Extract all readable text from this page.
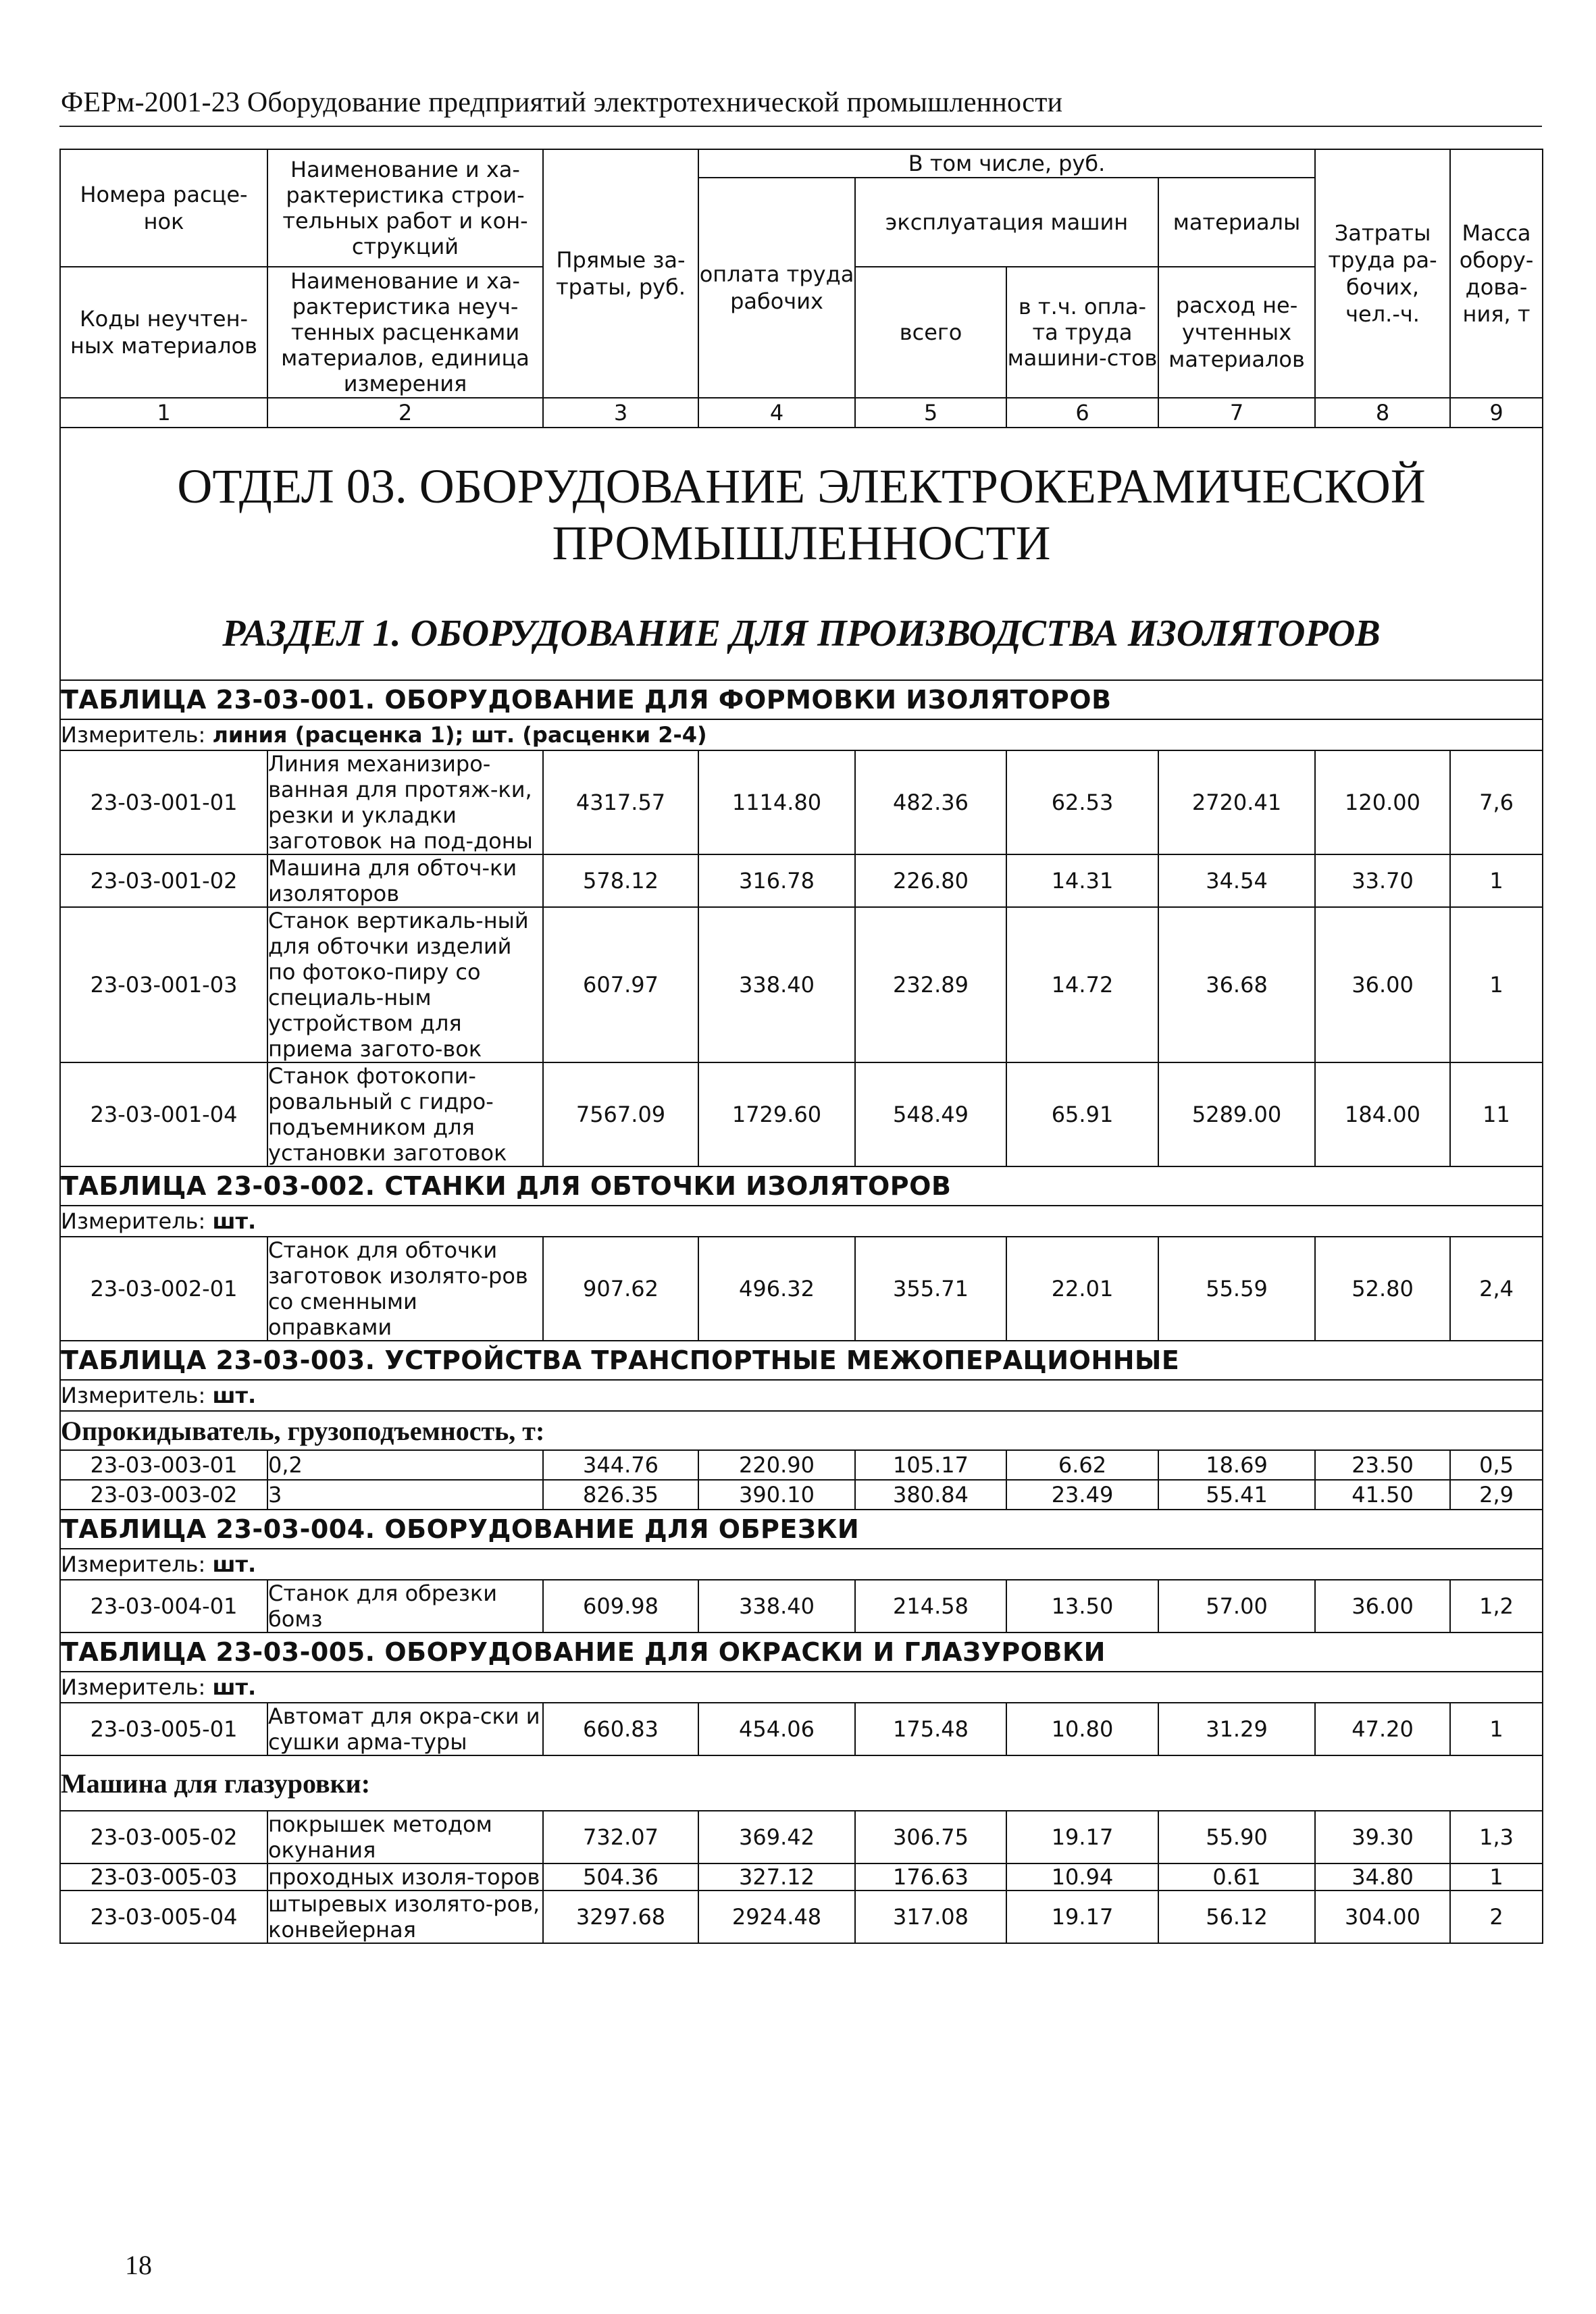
ФЕРм-2001-23 Оборудование предприятий электротехнической промышленности
Номера расце-нок	Наименование и ха-рактеристика строи-тельных работ и кон-струкций	Прямые за-траты, руб.	В том числе, руб.				Затраты труда ра-бочих, чел.-ч.	Масса обору-дова-ния, т
			оплата труда рабочих	эксплуатация машин		материалы		

Коды неучтен-ных материалов	Наименование и ха-рактеристика неуч-тенных расценками материалов, единица измерения			всего	в т.ч. опла-та труда машини-стов	расход не-учтенных материалов		

1	2	3	4	5	6	7	8	9

ОТДЕЛ 03. ОБОРУДОВАНИЕ ЭЛЕКТРОКЕРАМИЧЕСКОЙ ПРОМЫШЛЕННОСТИ
РАЗДЕЛ 1. ОБОРУДОВАНИЕ ДЛЯ ПРОИЗВОДСТВА ИЗОЛЯТОРОВ								

ТАБЛИЦА 23-03-001. ОБОРУДОВАНИЕ ДЛЯ ФОРМОВКИ ИЗОЛЯТОРОВ								
Измеритель: линия (расценка 1); шт. (расценки 2-4)								
23-03-001-01	Линия механизиро-ванная для протяж-ки, резки и укладки заготовок на под-доны	4317.57	1114.80	482.36	62.53	2720.41	120.00	7,6
23-03-001-02	Машина для обточ-ки изоляторов	578.12	316.78	226.80	14.31	34.54	33.70	1
23-03-001-03	Станок вертикаль-ный для обточки изделий по фотоко-пиру со специаль-ным устройством для приема загото-вок	607.97	338.40	232.89	14.72	36.68	36.00	1
23-03-001-04	Станок фотокопи-ровальный с гидро-подъемником для установки заготовок	7567.09	1729.60	548.49	65.91	5289.00	184.00	11
ТАБЛИЦА 23-03-002. СТАНКИ ДЛЯ ОБТОЧКИ ИЗОЛЯТОРОВ								
Измеритель: шт.								
23-03-002-01	Станок для обточки заготовок изолято-ров со сменными оправками	907.62	496.32	355.71	22.01	55.59	52.80	2,4
ТАБЛИЦА 23-03-003. УСТРОЙСТВА ТРАНСПОРТНЫЕ МЕЖОПЕРАЦИОННЫЕ								
Измеритель: шт.								
Опрокидыватель, грузоподъемность, т:								
23-03-003-01	0,2	344.76	220.90	105.17	6.62	18.69	23.50	0,5
23-03-003-02	3	826.35	390.10	380.84	23.49	55.41	41.50	2,9
ТАБЛИЦА 23-03-004. ОБОРУДОВАНИЕ ДЛЯ ОБРЕЗКИ								
Измеритель: шт.								
23-03-004-01	Станок для обрезки бомз	609.98	338.40	214.58	13.50	57.00	36.00	1,2
ТАБЛИЦА 23-03-005. ОБОРУДОВАНИЕ ДЛЯ ОКРАСКИ И ГЛАЗУРОВКИ								
Измеритель: шт.								
23-03-005-01	Автомат для окра-ски и сушки арма-туры	660.83	454.06	175.48	10.80	31.29	47.20	1
Машина для глазуровки:								
23-03-005-02	покрышек методом окунания	732.07	369.42	306.75	19.17	55.90	39.30	1,3
23-03-005-03	проходных изоля-торов	504.36	327.12	176.63	10.94	0.61	34.80	1
23-03-005-04	штыревых изолято-ров, конвейерная	3297.68	2924.48	317.08	19.17	56.12	304.00	2
18
